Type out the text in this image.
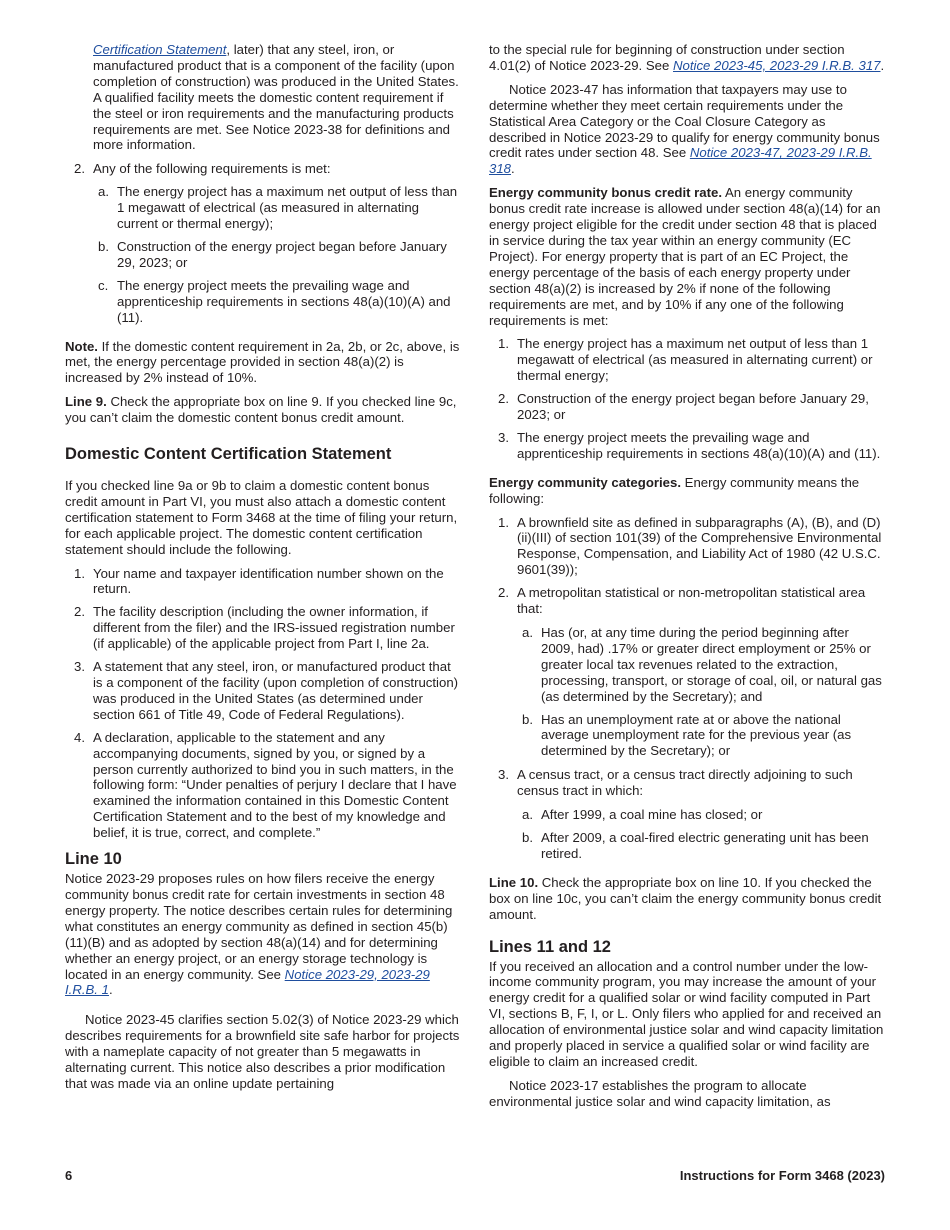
Certification Statement, later) that any steel, iron, or manufactured product that is a component of the facility (upon completion of construction) was produced in the United States. A qualified facility meets the domestic content requirement if the steel or iron requirements and the manufacturing products requirements are met. See Notice 2023-38 for definitions and more information.

2. Any of the following requirements is met:
a. The energy project has a maximum net output of less than 1 megawatt of electrical (as measured in alternating current or thermal energy);
b. Construction of the energy project began before January 29, 2023; or
c. The energy project meets the prevailing wage and apprenticeship requirements in sections 48(a)(10)(A) and (11).

Note. If the domestic content requirement in 2a, 2b, or 2c, above, is met, the energy percentage provided in section 48(a)(2) is increased by 2% instead of 10%.

Line 9. Check the appropriate box on line 9. If you checked line 9c, you can’t claim the domestic content bonus credit amount.

Domestic Content Certification Statement

If you checked line 9a or 9b to claim a domestic content bonus credit amount in Part VI, you must also attach a domestic content certification statement to Form 3468 at the time of filing your return, for each applicable project. The domestic content certification statement should include the following.

1. Your name and taxpayer identification number shown on the return.
2. The facility description (including the owner information, if different from the filer) and the IRS-issued registration number (if applicable) of the applicable project from Part I, line 2a.
3. A statement that any steel, iron, or manufactured product that is a component of the facility (upon completion of construction) was produced in the United States (as determined under section 661 of Title 49, Code of Federal Regulations).
4. A declaration, applicable to the statement and any accompanying documents, signed by you, or signed by a person currently authorized to bind you in such matters, in the following form: “Under penalties of perjury I declare that I have examined the information contained in this Domestic Content Certification Statement and to the best of my knowledge and belief, it is true, correct, and complete.”
Line 10

Notice 2023-29 proposes rules on how filers receive the energy community bonus credit rate for certain investments in section 48 energy property. The notice describes certain rules for determining what constitutes an energy community as defined in section 45(b)(11)(B) and as adopted by section 48(a)(14) and for determining whether an energy project, or an energy storage technology is located in an energy community. See Notice 2023-29, 2023-29 I.R.B. 1.

Notice 2023-45 clarifies section 5.02(3) of Notice 2023-29 which describes requirements for a brownfield site safe harbor for projects with a nameplate capacity of not greater than 5 megawatts in alternating current. This notice also describes a prior modification that was made via an online update pertaining

to the special rule for beginning of construction under section 4.01(2) of Notice 2023-29. See Notice 2023-45, 2023-29 I.R.B. 317.

Notice 2023-47 has information that taxpayers may use to determine whether they meet certain requirements under the Statistical Area Category or the Coal Closure Category as described in Notice 2023-29 to qualify for energy community bonus credit rates under section 48. See Notice 2023-47, 2023-29 I.R.B. 318.

Energy community bonus credit rate. An energy community bonus credit rate increase is allowed under section 48(a)(14) for an energy project eligible for the credit under section 48 that is placed in service during the tax year within an energy community (EC Project). For energy property that is part of an EC Project, the energy percentage of the basis of each energy property under section 48(a)(2) is increased by 2% if none of the following requirements are met, and by 10% if any one of the following requirements is met:

1. The energy project has a maximum net output of less than 1 megawatt of electrical (as measured in alternating current) or thermal energy;
2. Construction of the energy project began before January 29, 2023; or
3. The energy project meets the prevailing wage and apprenticeship requirements in sections 48(a)(10)(A) and (11).

Energy community categories. Energy community means the following:

1. A brownfield site as defined in subparagraphs (A), (B), and (D)(ii)(III) of section 101(39) of the Comprehensive Environmental Response, Compensation, and Liability Act of 1980 (42 U.S.C. 9601(39));
2. A metropolitan statistical or non-metropolitan statistical area that:
a. Has (or, at any time during the period beginning after 2009, had) .17% or greater direct employment or 25% or greater local tax revenues related to the extraction, processing, transport, or storage of coal, oil, or natural gas (as determined by the Secretary); and
b. Has an unemployment rate at or above the national average unemployment rate for the previous year (as determined by the Secretary); or
3. A census tract, or a census tract directly adjoining to such census tract in which:
a. After 1999, a coal mine has closed; or
b. After 2009, a coal-fired electric generating unit has been retired.

Line 10. Check the appropriate box on line 10. If you checked the box on line 10c, you can’t claim the energy community bonus credit amount.

Lines 11 and 12

If you received an allocation and a control number under the low-income community program, you may increase the amount of your energy credit for a qualified solar or wind facility computed in Part VI, sections B, F, I, or L. Only filers who applied for and received an allocation of environmental justice solar and wind capacity limitation and properly placed in service a qualified solar or wind facility are eligible to claim an increased credit.

Notice 2023-17 establishes the program to allocate environmental justice solar and wind capacity limitation, as

6	Instructions for Form 3468 (2023)
